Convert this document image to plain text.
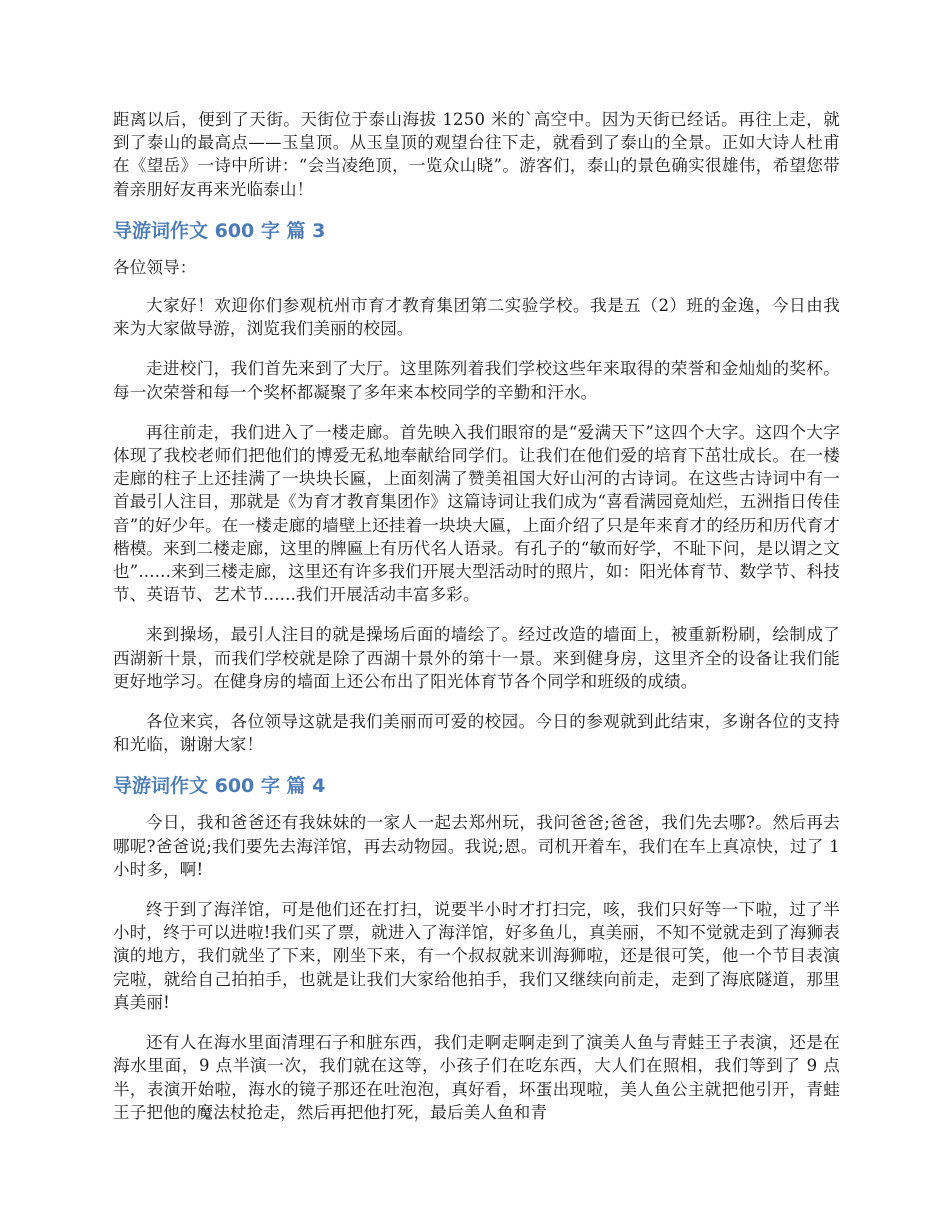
距离以后，便到了天街。天街位于泰山海拔 1250 米的`高空中。因为天街已经话。再往上走，就到了泰山的最高点——玉皇顶。从玉皇顶的观望台往下走，就看到了泰山的全景。正如大诗人杜甫在《望岳》一诗中所讲：“会当凌绝顶，一览众山晓”。游客们，泰山的景色确实很雄伟，希望您带着亲朋好友再来光临泰山！

导游词作文 600 字 篇 3

各位领导：

大家好！欢迎你们参观杭州市育才教育集团第二实验学校。我是五（2）班的金逸，今日由我来为大家做导游，浏览我们美丽的校园。

走进校门，我们首先来到了大厅。这里陈列着我们学校这些年来取得的荣誉和金灿灿的奖杯。每一次荣誉和每一个奖杯都凝聚了多年来本校同学的辛勤和汗水。

再往前走，我们进入了一楼走廊。首先映入我们眼帘的是“爱满天下”这四个大字。这四个大字体现了我校老师们把他们的博爱无私地奉献给同学们。让我们在他们爱的培育下茁壮成长。在一楼走廊的柱子上还挂满了一块块长匾，上面刻满了赞美祖国大好山河的古诗词。在这些古诗词中有一首最引人注目，那就是《为育才教育集团作》这篇诗词让我们成为“喜看满园竟灿烂，五洲指日传佳音”的好少年。在一楼走廊的墙壁上还挂着一块块大匾，上面介绍了只是年来育才的经历和历代育才楷模。来到二楼走廊，这里的牌匾上有历代名人语录。有孔子的“敏而好学，不耻下问，是以谓之文也”......来到三楼走廊，这里还有许多我们开展大型活动时的照片，如：阳光体育节、数学节、科技节、英语节、艺术节......我们开展活动丰富多彩。

来到操场，最引人注目的就是操场后面的墙绘了。经过改造的墙面上，被重新粉刷，绘制成了西湖新十景，而我们学校就是除了西湖十景外的第十一景。来到健身房，这里齐全的设备让我们能更好地学习。在健身房的墙面上还公布出了阳光体育节各个同学和班级的成绩。

各位来宾，各位领导这就是我们美丽而可爱的校园。今日的参观就到此结束，多谢各位的支持和光临，谢谢大家！

导游词作文 600 字 篇 4

今日，我和爸爸还有我妹妹的一家人一起去郑州玩，我问爸爸;爸爸，我们先去哪?。然后再去哪呢?爸爸说;我们要先去海洋馆，再去动物园。我说;恩。司机开着车，我们在车上真凉快，过了 1 小时多，啊!

终于到了海洋馆，可是他们还在打扫，说要半小时才打扫完，咳，我们只好等一下啦，过了半小时，终于可以进啦!我们买了票，就进入了海洋馆，好多鱼儿，真美丽，不知不觉就走到了海狮表演的地方，我们就坐了下来，刚坐下来，有一个叔叔就来训海狮啦，还是很可笑，他一个节目表演完啦，就给自己拍拍手，也就是让我们大家给他拍手，我们又继续向前走，走到了海底隧道，那里真美丽!

还有人在海水里面清理石子和脏东西，我们走啊走啊走到了演美人鱼与青蛙王子表演，还是在海水里面，9 点半演一次，我们就在这等，小孩子们在吃东西，大人们在照相，我们等到了 9 点半，表演开始啦，海水的镜子那还在吐泡泡，真好看，坏蛋出现啦，美人鱼公主就把他引开，青蛙王子把他的魔法杖抢走，然后再把他打死，最后美人鱼和青
